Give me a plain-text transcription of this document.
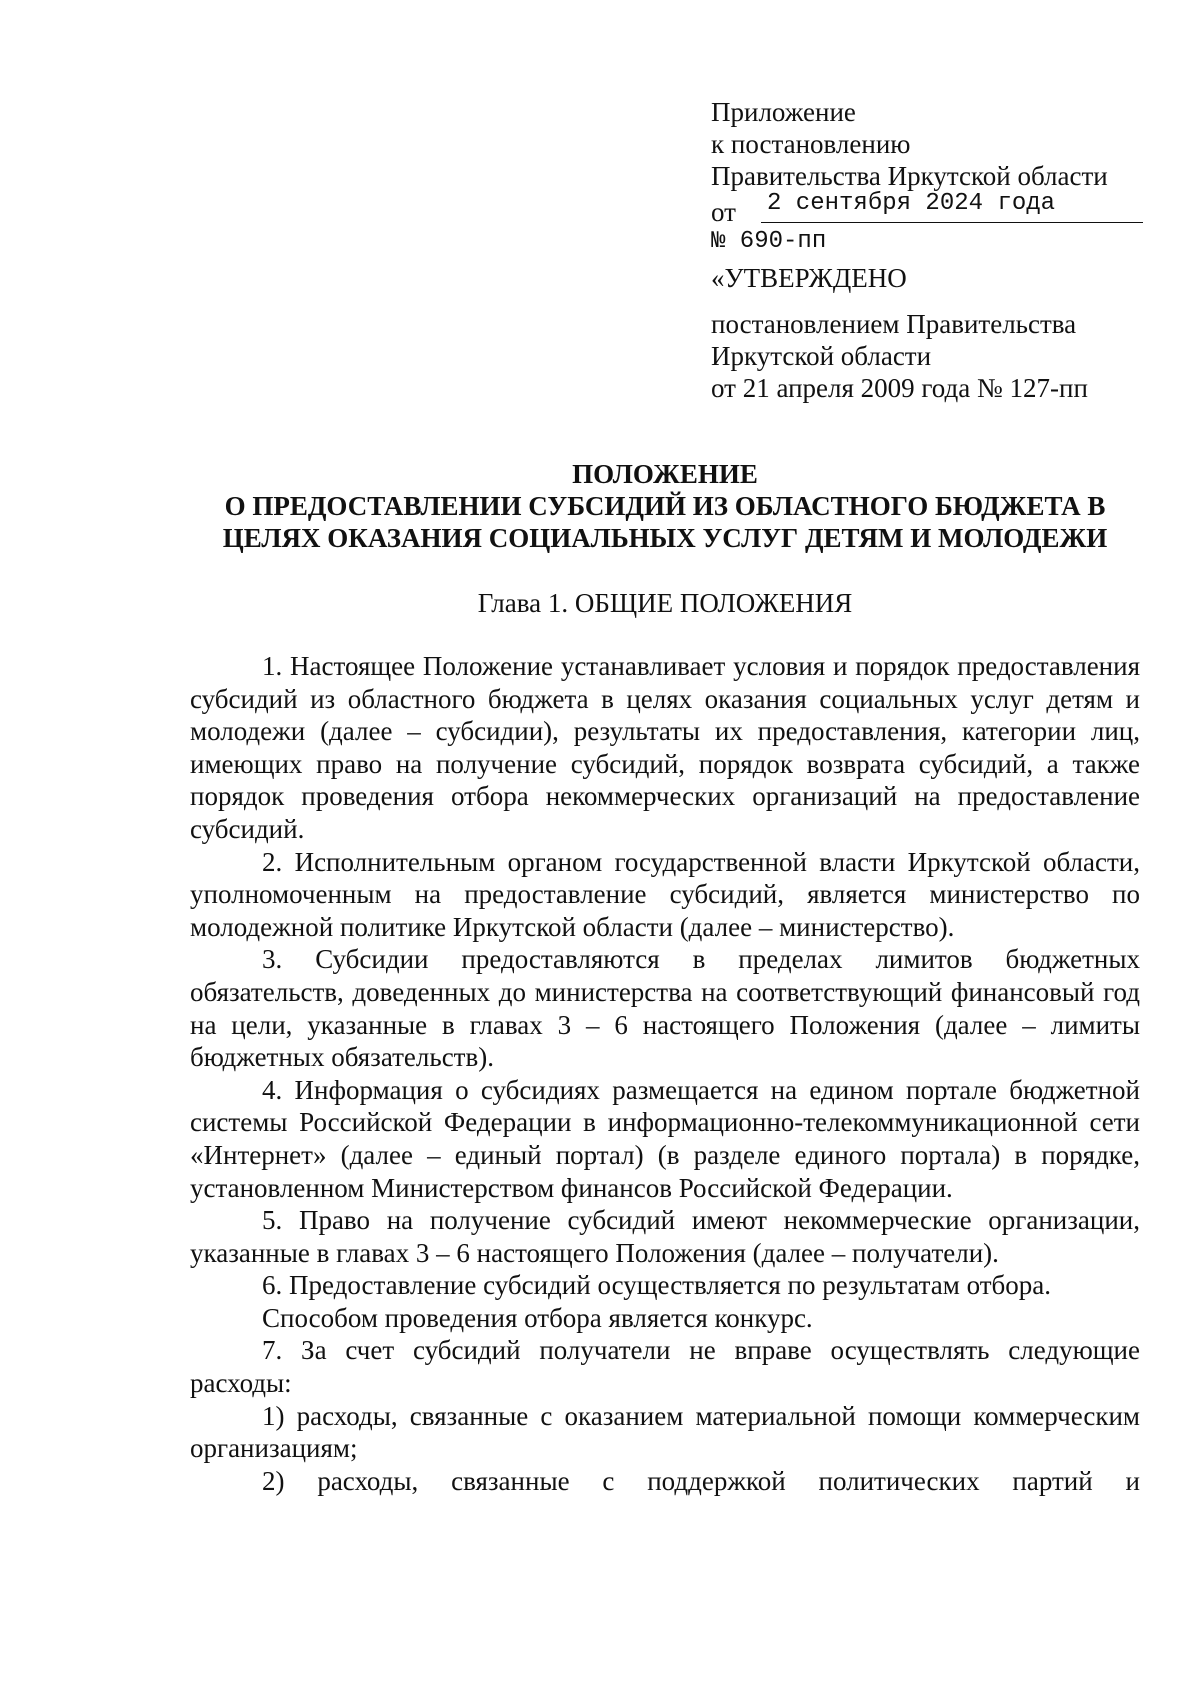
Приложение
к постановлению
Правительства Иркутской области
от 2 сентября 2024 года
№ 690-пп
«УТВЕРЖДЕНО
постановлением Правительства
Иркутской области
от 21 апреля 2009 года № 127-пп
ПОЛОЖЕНИЕ
О ПРЕДОСТАВЛЕНИИ СУБСИДИЙ ИЗ ОБЛАСТНОГО БЮДЖЕТА В
ЦЕЛЯХ ОКАЗАНИЯ СОЦИАЛЬНЫХ УСЛУГ ДЕТЯМ И МОЛОДЕЖИ
Глава 1. ОБЩИЕ ПОЛОЖЕНИЯ

1. Настоящее Положение устанавливает условия и порядок предоставления субсидий из областного бюджета в целях оказания социальных услуг детям и молодежи (далее – субсидии), результаты их предоставления, категории лиц, имеющих право на получение субсидий, порядок возврата субсидий, а также порядок проведения отбора некоммерческих организаций на предоставление субсидий.

2. Исполнительным органом государственной власти Иркутской области, уполномоченным на предоставление субсидий, является министерство по молодежной политике Иркутской области (далее – министерство).

3. Субсидии предоставляются в пределах лимитов бюджетных обязательств, доведенных до министерства на соответствующий финансовый год на цели, указанные в главах 3 – 6 настоящего Положения (далее – лимиты бюджетных обязательств).

4. Информация о субсидиях размещается на едином портале бюджетной системы Российской Федерации в информационно-телекоммуникационной сети «Интернет» (далее – единый портал) (в разделе единого портала) в порядке, установленном Министерством финансов Российской Федерации.

5. Право на получение субсидий имеют некоммерческие организации, указанные в главах 3 – 6 настоящего Положения (далее – получатели).

6. Предоставление субсидий осуществляется по результатам отбора.

Способом проведения отбора является конкурс.

7. За счет субсидий получатели не вправе осуществлять следующие расходы:

1) расходы, связанные с оказанием материальной помощи коммерческим организациям;

2) расходы, связанные с поддержкой политических партий и
